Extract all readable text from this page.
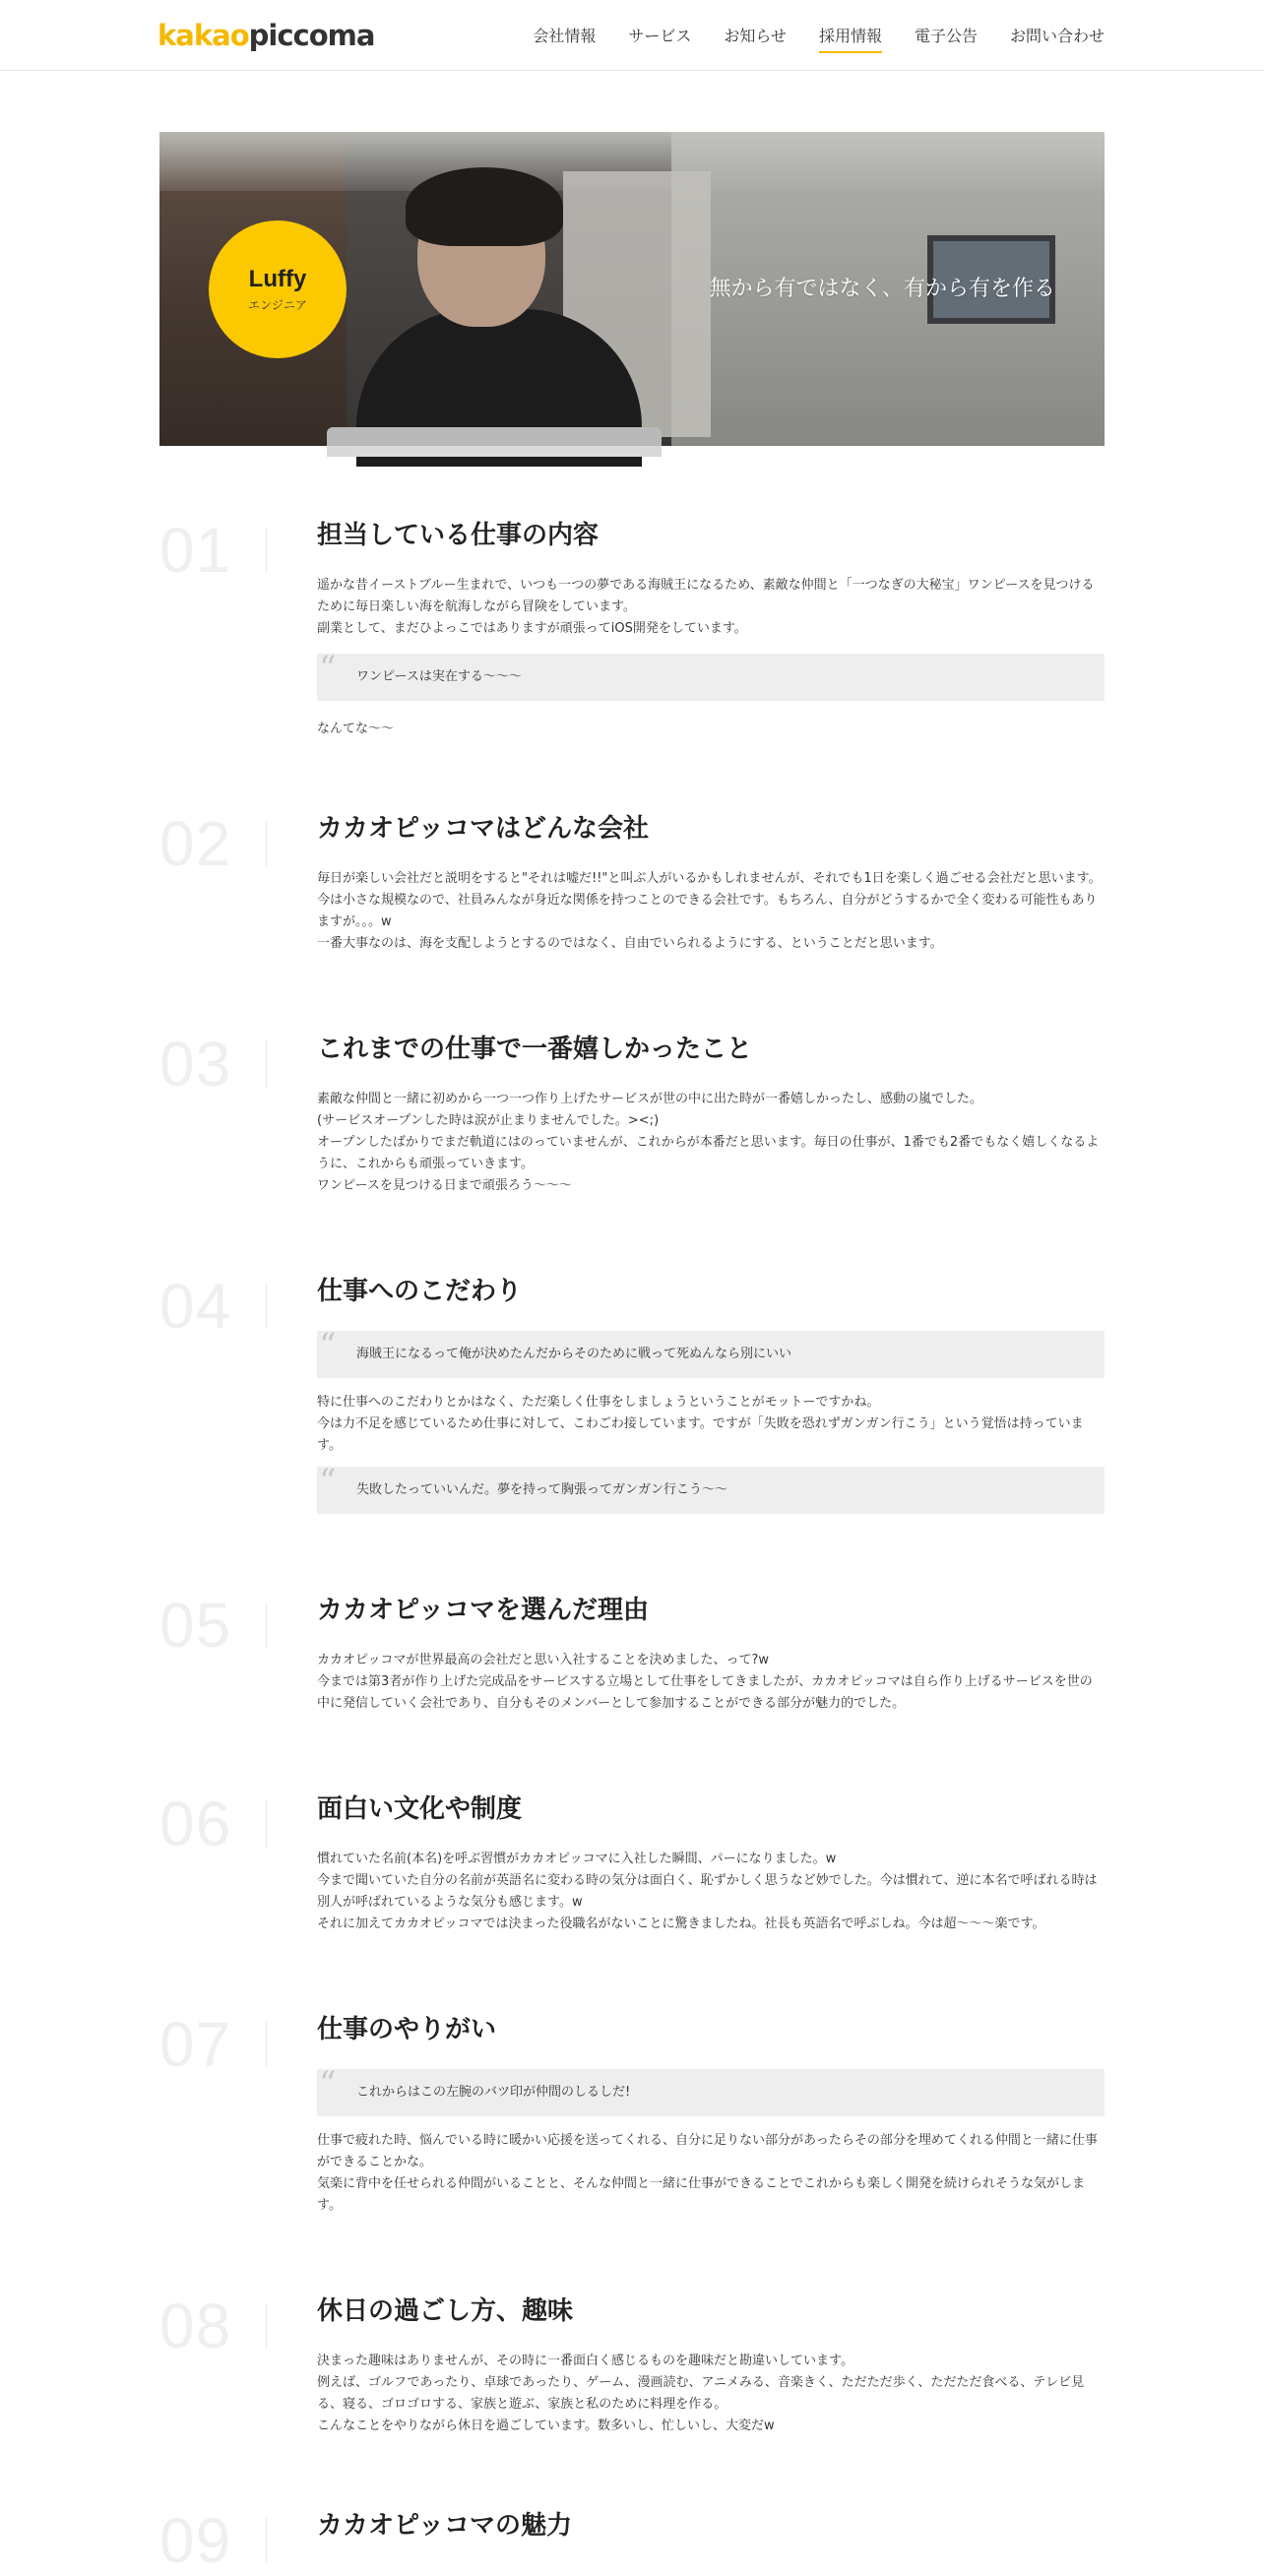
kakaopiccoma	会社情報 サービス お知らせ 採用情報 電子公告 お問い合わせ
Luffy
エンジニア
無から有ではなく、有から有を作る
01	担当している仕事の内容

遥かな昔イーストブルー生まれで、いつも一つの夢である海賊王になるため、素敵な仲間と「一つなぎの大秘宝」ワンピースを見つけるために毎日楽しい海を航海しながら冒険をしています。

副業として、まだひよっこではありますが頑張ってiOS開発をしています。

“ ワンピースは実在する〜〜〜

なんてな〜〜

02	カカオピッコマはどんな会社

毎日が楽しい会社だと説明をすると"それは嘘だ!!"と叫ぶ人がいるかもしれませんが、それでも1日を楽しく過ごせる会社だと思います。

今は小さな規模なので、社員みんなが身近な関係を持つことのできる会社です。もちろん、自分がどうするかで全く変わる可能性もありますが。。。w

一番大事なのは、海を支配しようとするのではなく、自由でいられるようにする、ということだと思います。

03	これまでの仕事で一番嬉しかったこと

素敵な仲間と一緒に初めから一つ一つ作り上げたサービスが世の中に出た時が一番嬉しかったし、感動の嵐でした。

(サービスオープンした時は涙が止まりませんでした。><;)

オープンしたばかりでまだ軌道にはのっていませんが、これからが本番だと思います。毎日の仕事が、1番でも2番でもなく嬉しくなるように、これからも頑張っていきます。

ワンピースを見つける日まで頑張ろう〜〜〜

04	仕事へのこだわり
“ 海賊王になるって俺が決めたんだからそのために戦って死ぬんなら別にいい

特に仕事へのこだわりとかはなく、ただ楽しく仕事をしましょうということがモットーですかね。

今は力不足を感じているため仕事に対して、こわごわ接しています。ですが「失敗を恐れずガンガン行こう」という覚悟は持っています。

“ 失敗したっていいんだ。夢を持って胸張ってガンガン行こう〜〜
05	カカオピッコマを選んだ理由

カカオピッコマが世界最高の会社だと思い入社することを決めました、って?w

今までは第3者が作り上げた完成品をサービスする立場として仕事をしてきましたが、カカオピッコマは自ら作り上げるサービスを世の中に発信していく会社であり、自分もそのメンバーとして参加することができる部分が魅力的でした。

06	面白い文化や制度

慣れていた名前(本名)を呼ぶ習慣がカカオピッコマに入社した瞬間、パーになりました。w

今まで聞いていた自分の名前が英語名に変わる時の気分は面白く、恥ずかしく思うなど妙でした。今は慣れて、逆に本名で呼ばれる時は別人が呼ばれているような気分も感じます。w

それに加えてカカオピッコマでは決まった役職名がないことに驚きましたね。社長も英語名で呼ぶしね。今は超〜〜〜楽です。

07	仕事のやりがい
“ これからはこの左腕のバツ印が仲間のしるしだ!

仕事で疲れた時、悩んでいる時に暖かい応援を送ってくれる、自分に足りない部分があったらその部分を埋めてくれる仲間と一緒に仕事ができることかな。

気楽に背中を任せられる仲間がいることと、そんな仲間と一緒に仕事ができることでこれからも楽しく開発を続けられそうな気がします。

08	休日の過ごし方、趣味

決まった趣味はありませんが、その時に一番面白く感じるものを趣味だと勘違いしています。

例えば、ゴルフであったり、卓球であったり、ゲーム、漫画読む、アニメみる、音楽きく、ただただ歩く、ただただ食べる、テレビ見る、寝る、ゴロゴロする、家族と遊ぶ、家族と私のために料理を作る。

こんなことをやりながら休日を過ごしています。数多いし、忙しいし、大変だw

09	カカオピッコマの魅力
